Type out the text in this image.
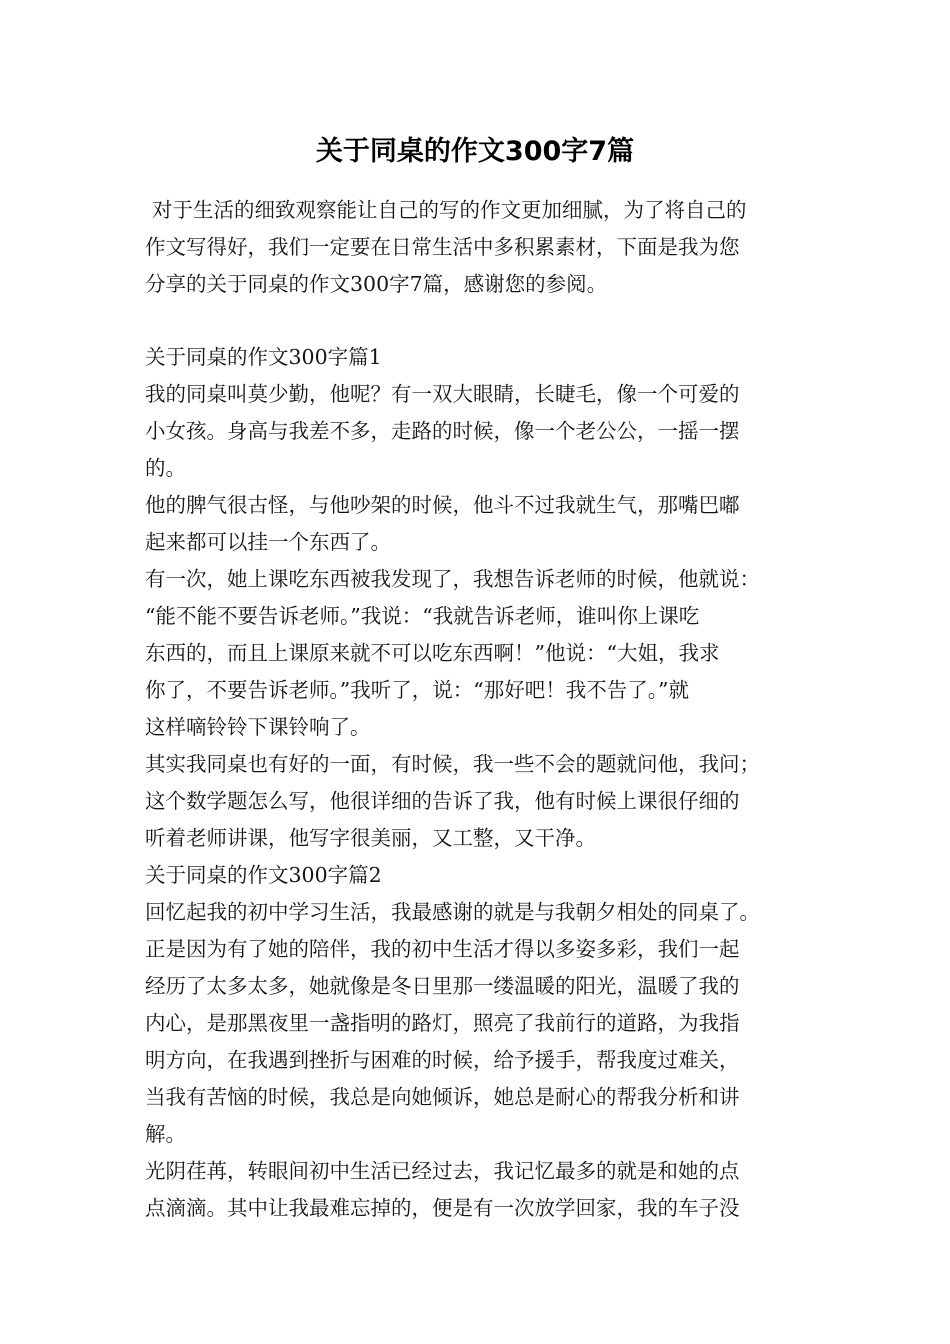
关于同桌的作文300字7篇
对于生活的细致观察能让自己的写的作文更加细腻，为了将自己的
作文写得好，我们一定要在日常生活中多积累素材，下面是我为您
分享的关于同桌的作文300字7篇，感谢您的参阅。
关于同桌的作文300字篇1
我的同桌叫莫少勤，他呢？有一双大眼睛，长睫毛，像一个可爱的
小女孩。身高与我差不多，走路的时候，像一个老公公，一摇一摆
的。
他的脾气很古怪，与他吵架的时候，他斗不过我就生气，那嘴巴嘟
起来都可以挂一个东西了。
有一次，她上课吃东西被我发现了，我想告诉老师的时候，他就说：
“能不能不要告诉老师。”我说：“我就告诉老师，谁叫你上课吃
东西的，而且上课原来就不可以吃东西啊！”他说：“大姐，我求
你了，不要告诉老师。”我听了，说：“那好吧！我不告了。”就
这样嘀铃铃下课铃响了。
其实我同桌也有好的一面，有时候，我一些不会的题就问他，我问；
这个数学题怎么写，他很详细的告诉了我，他有时候上课很仔细的
听着老师讲课，他写字很美丽，又工整，又干净。
关于同桌的作文300字篇2
回忆起我的初中学习生活，我最感谢的就是与我朝夕相处的同桌了。
正是因为有了她的陪伴，我的初中生活才得以多姿多彩，我们一起
经历了太多太多，她就像是冬日里那一缕温暖的阳光，温暖了我的
内心，是那黑夜里一盏指明的路灯，照亮了我前行的道路，为我指
明方向，在我遇到挫折与困难的时候，给予援手，帮我度过难关，
当我有苦恼的时候，我总是向她倾诉，她总是耐心的帮我分析和讲
解。
光阴荏苒，转眼间初中生活已经过去，我记忆最多的就是和她的点
点滴滴。其中让我最难忘掉的，便是有一次放学回家，我的车子没
